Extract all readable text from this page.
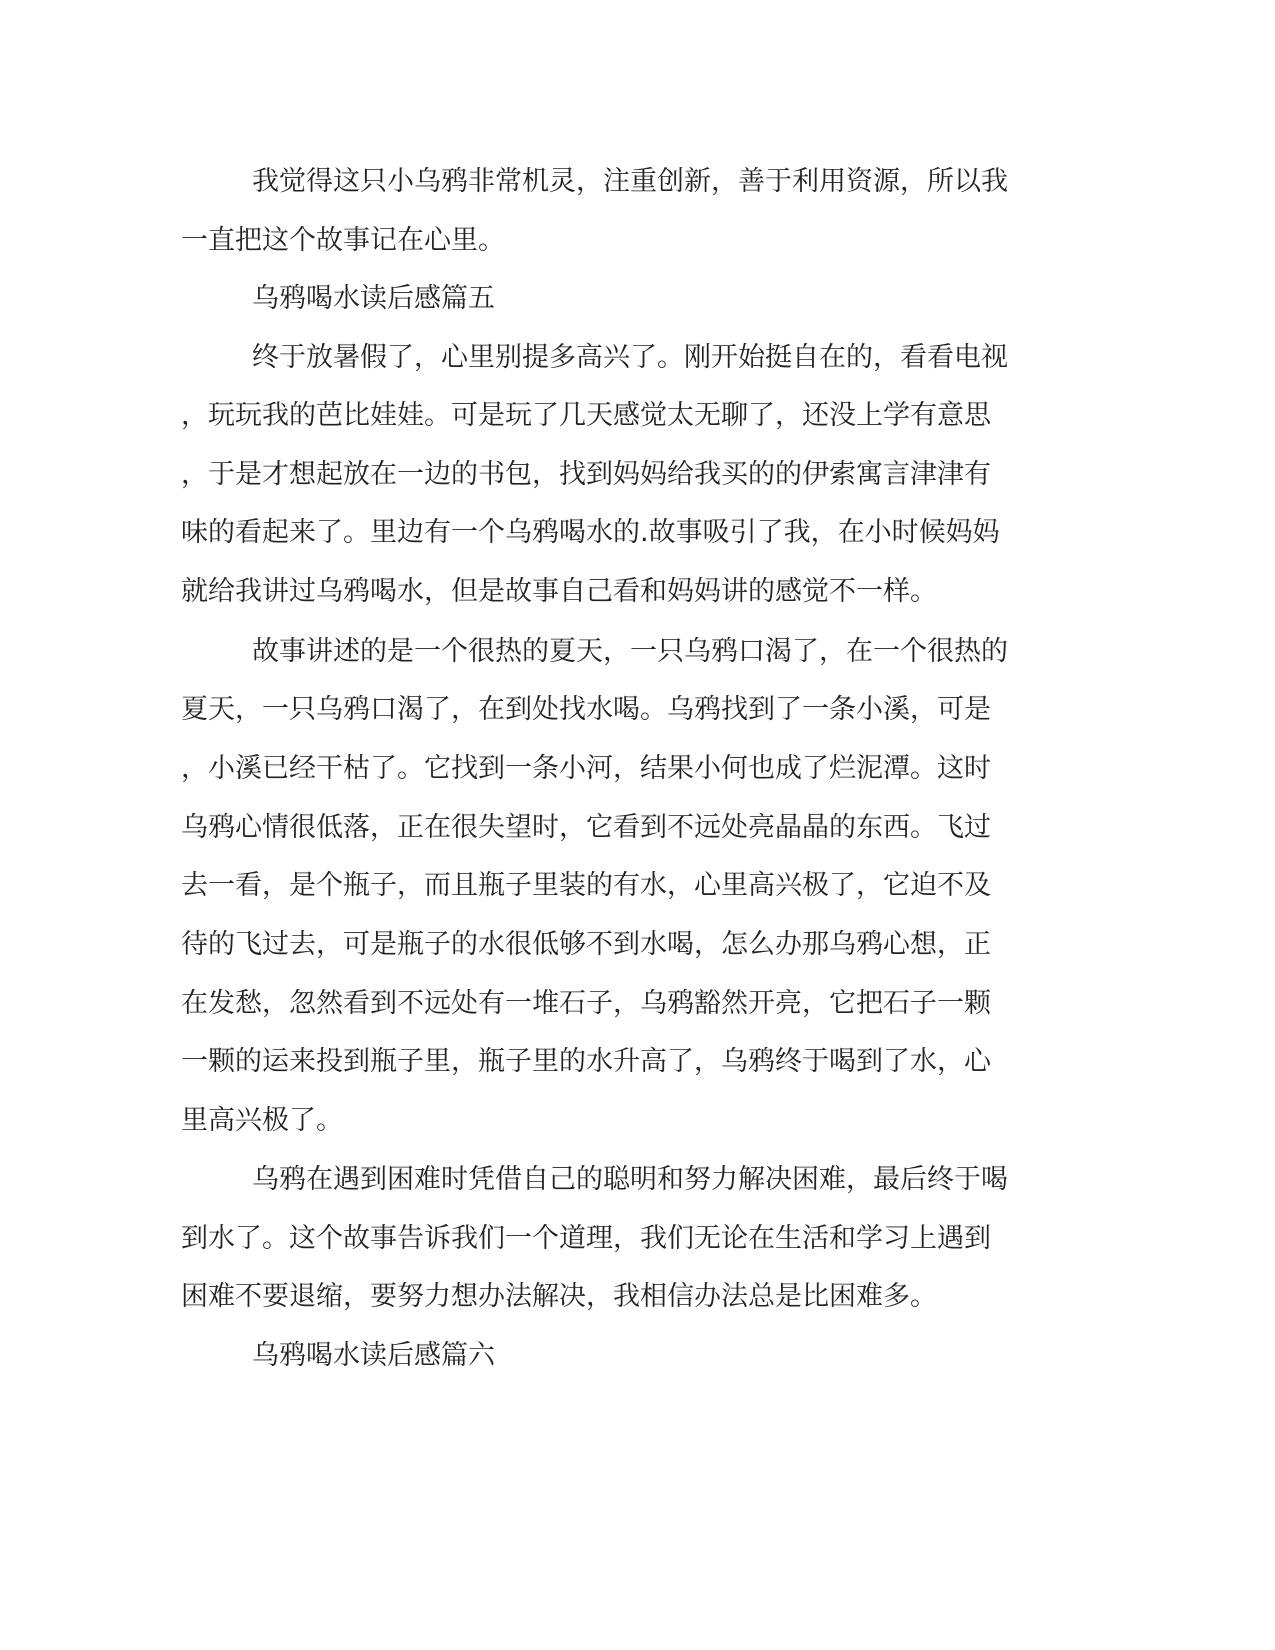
我觉得这只小乌鸦非常机灵，注重创新，善于利用资源，所以我
一直把这个故事记在心里。
乌鸦喝水读后感篇五
终于放暑假了，心里别提多高兴了。刚开始挺自在的，看看电视
，玩玩我的芭比娃娃。可是玩了几天感觉太无聊了，还没上学有意思
，于是才想起放在一边的书包，找到妈妈给我买的的伊索寓言津津有
味的看起来了。里边有一个乌鸦喝水的.故事吸引了我，在小时候妈妈
就给我讲过乌鸦喝水，但是故事自己看和妈妈讲的感觉不一样。
故事讲述的是一个很热的夏天，一只乌鸦口渴了，在一个很热的
夏天，一只乌鸦口渴了，在到处找水喝。乌鸦找到了一条小溪，可是
，小溪已经干枯了。它找到一条小河，结果小何也成了烂泥潭。这时
乌鸦心情很低落，正在很失望时，它看到不远处亮晶晶的东西。飞过
去一看，是个瓶子，而且瓶子里装的有水，心里高兴极了，它迫不及
待的飞过去，可是瓶子的水很低够不到水喝，怎么办那乌鸦心想，正
在发愁，忽然看到不远处有一堆石子，乌鸦豁然开亮，它把石子一颗
一颗的运来投到瓶子里，瓶子里的水升高了，乌鸦终于喝到了水，心
里高兴极了。
乌鸦在遇到困难时凭借自己的聪明和努力解决困难，最后终于喝
到水了。这个故事告诉我们一个道理，我们无论在生活和学习上遇到
困难不要退缩，要努力想办法解决，我相信办法总是比困难多。
乌鸦喝水读后感篇六
